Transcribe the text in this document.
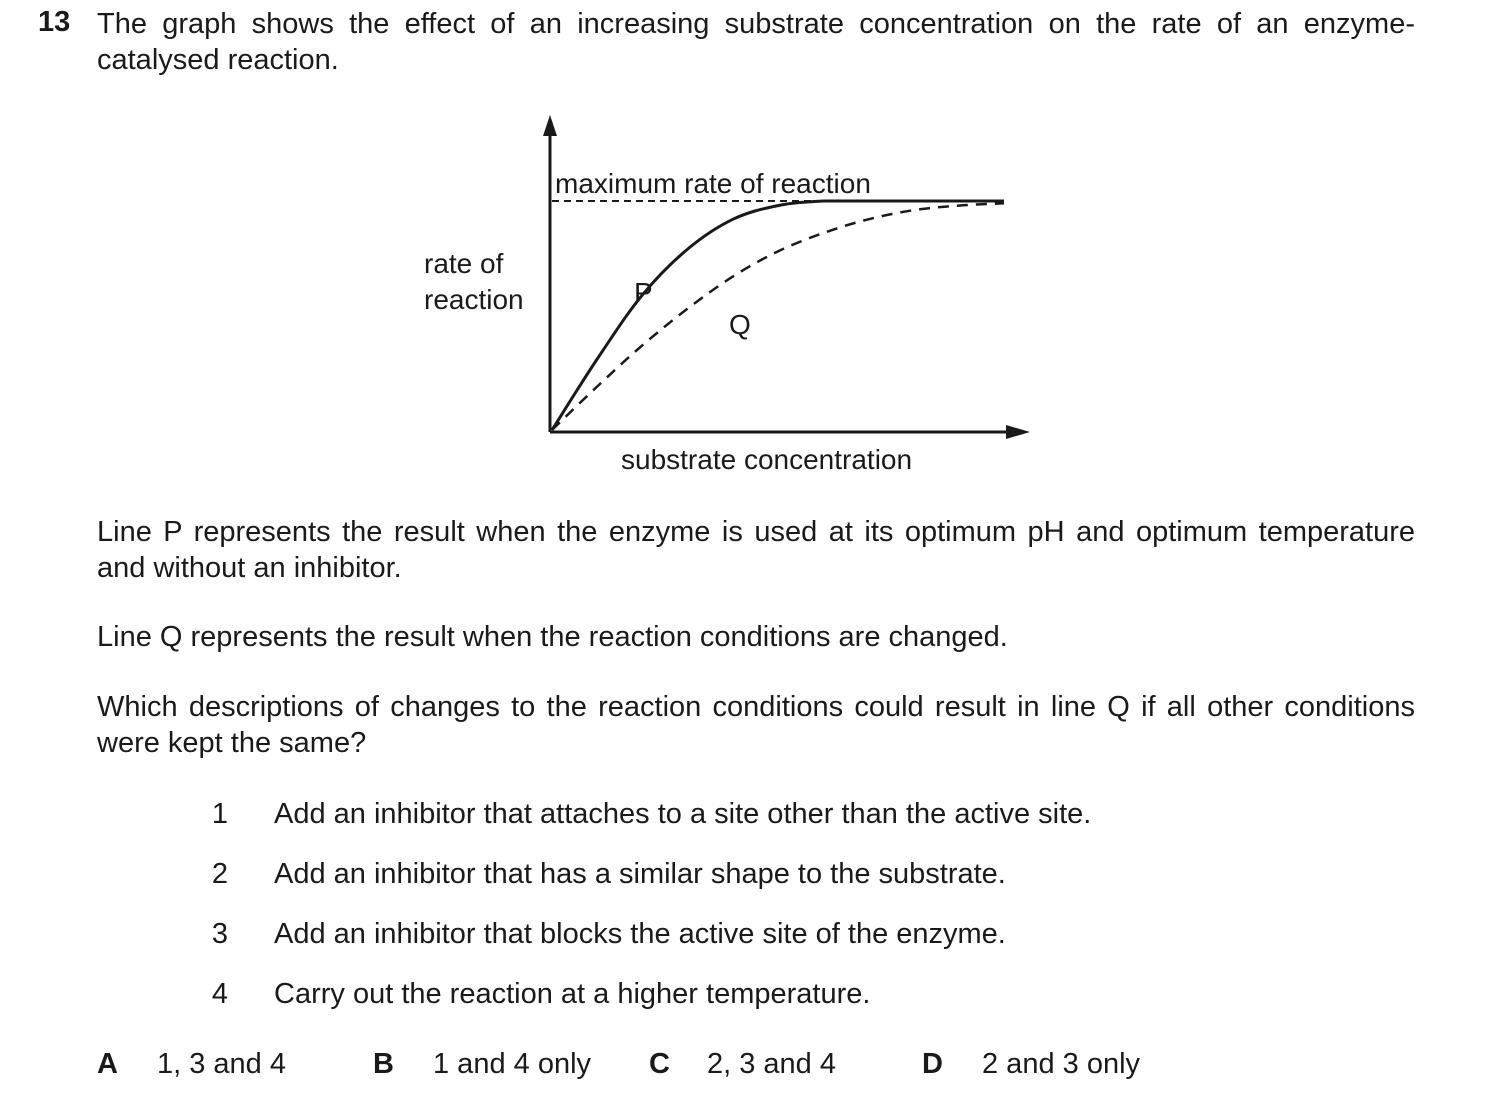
13 The graph shows the effect of an increasing substrate concentration on the rate of an enzyme-catalysed reaction.
maximum rate of reaction
P
Q
rate of
reaction
substrate concentration
Line P represents the result when the enzyme is used at its optimum pH and optimum temperature and without an inhibitor.
Line Q represents the result when the reaction conditions are changed.
Which descriptions of changes to the reaction conditions could result in line Q if all other conditions were kept the same?
1 Add an inhibitor that attaches to a site other than the active site.
2 Add an inhibitor that has a similar shape to the substrate.
3 Add an inhibitor that blocks the active site of the enzyme.
4 Carry out the reaction at a higher temperature.
A 1, 3 and 4	B 1 and 4 only C 2, 3 and 4	D 2 and 3 only
